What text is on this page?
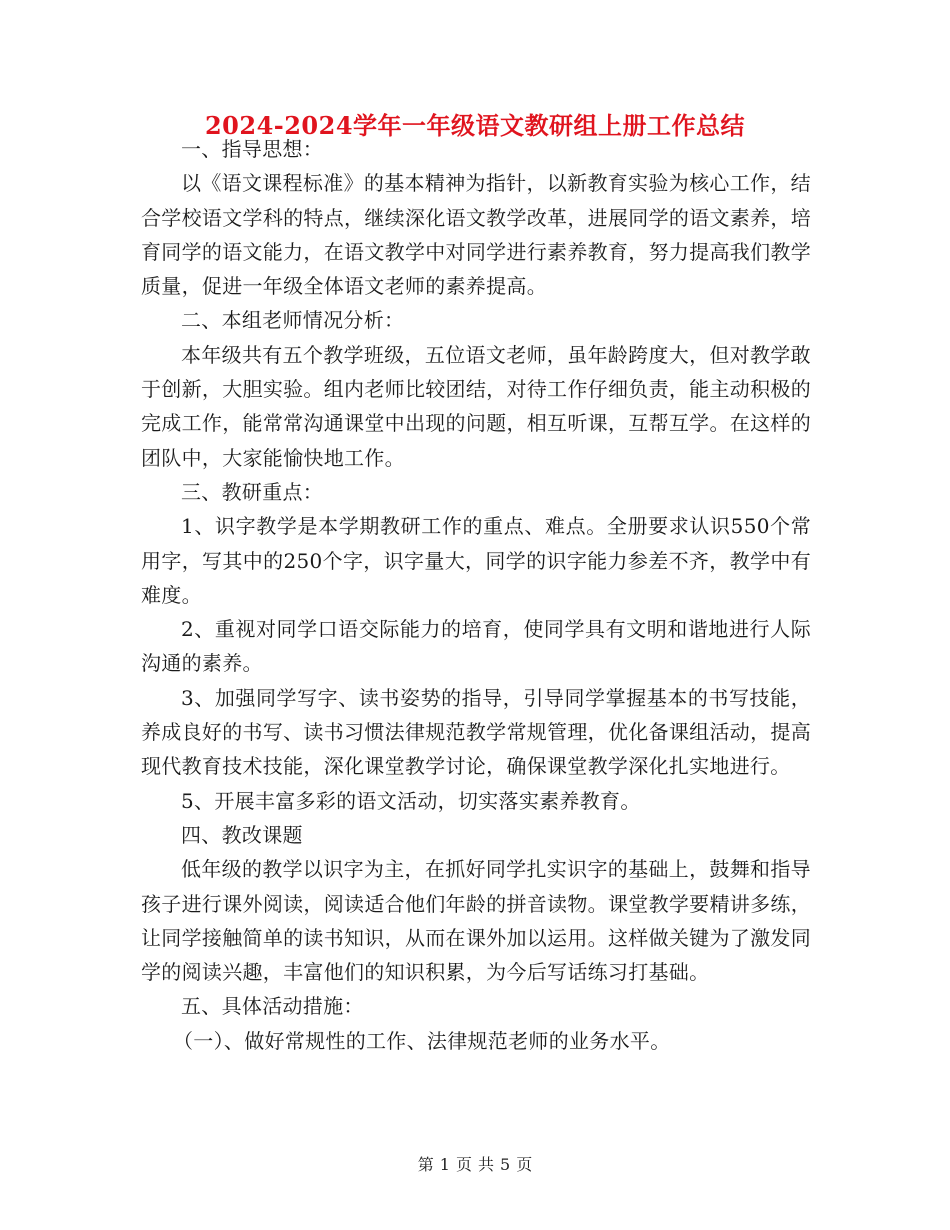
2024-2024学年一年级语文教研组上册工作总结

一、指导思想：

以《语文课程标准》的基本精神为指针，以新教育实验为核心工作，结合学校语文学科的特点，继续深化语文教学改革，进展同学的语文素养，培育同学的语文能力，在语文教学中对同学进行素养教育，努力提高我们教学质量，促进一年级全体语文老师的素养提高。

二、本组老师情况分析：

本年级共有五个教学班级，五位语文老师，虽年龄跨度大，但对教学敢于创新，大胆实验。组内老师比较团结，对待工作仔细负责，能主动积极的完成工作，能常常沟通课堂中出现的问题，相互听课，互帮互学。在这样的团队中，大家能愉快地工作。

三、教研重点：

1、识字教学是本学期教研工作的重点、难点。全册要求认识550个常用字，写其中的250个字，识字量大，同学的识字能力参差不齐，教学中有难度。

2、重视对同学口语交际能力的培育，使同学具有文明和谐地进行人际沟通的素养。

3、加强同学写字、读书姿势的指导，引导同学掌握基本的书写技能，养成良好的书写、读书习惯法律规范教学常规管理，优化备课组活动，提高现代教育技术技能，深化课堂教学讨论，确保课堂教学深化扎实地进行。

5、开展丰富多彩的语文活动，切实落实素养教育。

四、教改课题

低年级的教学以识字为主，在抓好同学扎实识字的基础上，鼓舞和指导孩子进行课外阅读，阅读适合他们年龄的拼音读物。课堂教学要精讲多练，让同学接触简单的读书知识，从而在课外加以运用。这样做关键为了激发同学的阅读兴趣，丰富他们的知识积累，为今后写话练习打基础。

五、具体活动措施：

（一）、做好常规性的工作、法律规范老师的业务水平。

第 1 页 共 5 页
